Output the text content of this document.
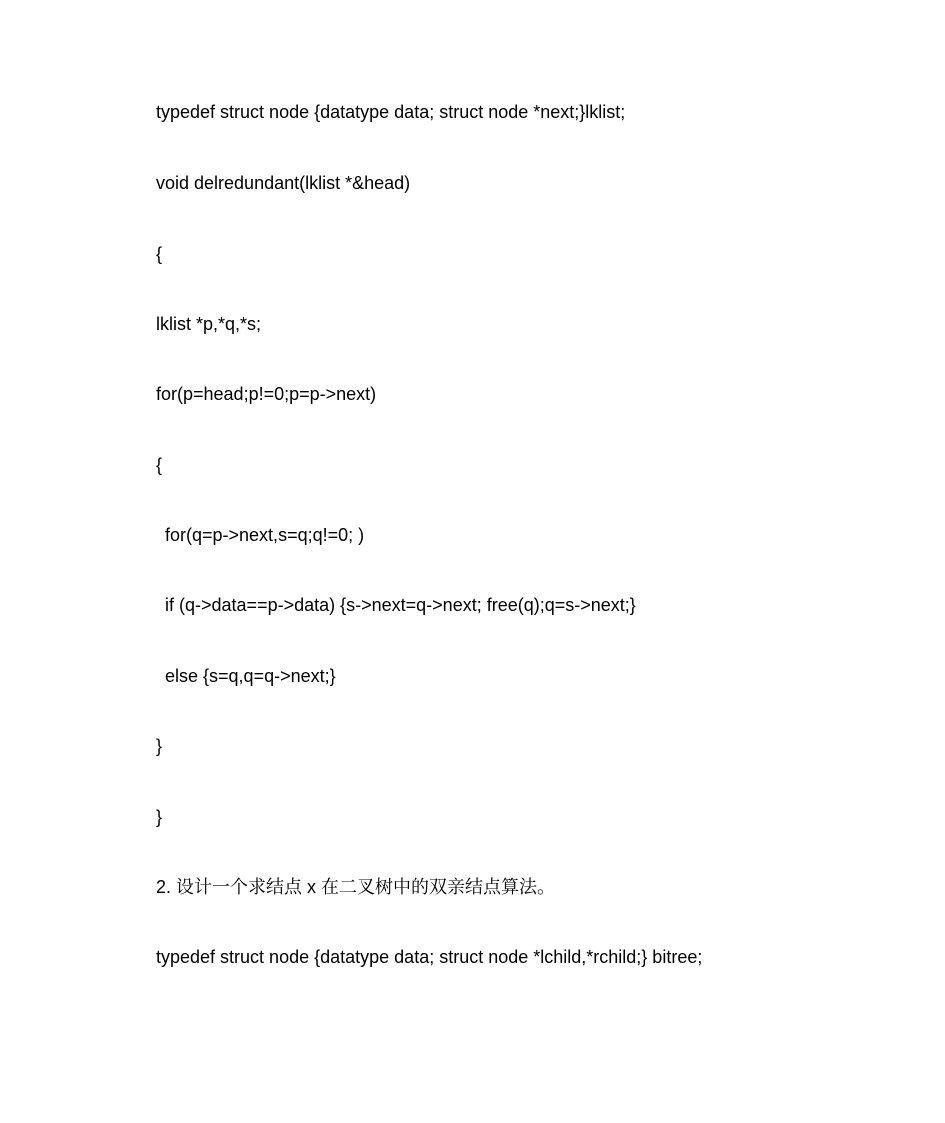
typedef struct node {datatype data; struct node *next;}lklist;
void delredundant(lklist *&head)
{
lklist *p,*q,*s;
for(p=head;p!=0;p=p->next)
{
for(q=p->next,s=q;q!=0; )
if (q->data==p->data) {s->next=q->next; free(q);q=s->next;}
else {s=q,q=q->next;}
}
}
2. 设计一个求结点 x 在二叉树中的双亲结点算法。
typedef struct node {datatype data; struct node *lchild,*rchild;} bitree;
